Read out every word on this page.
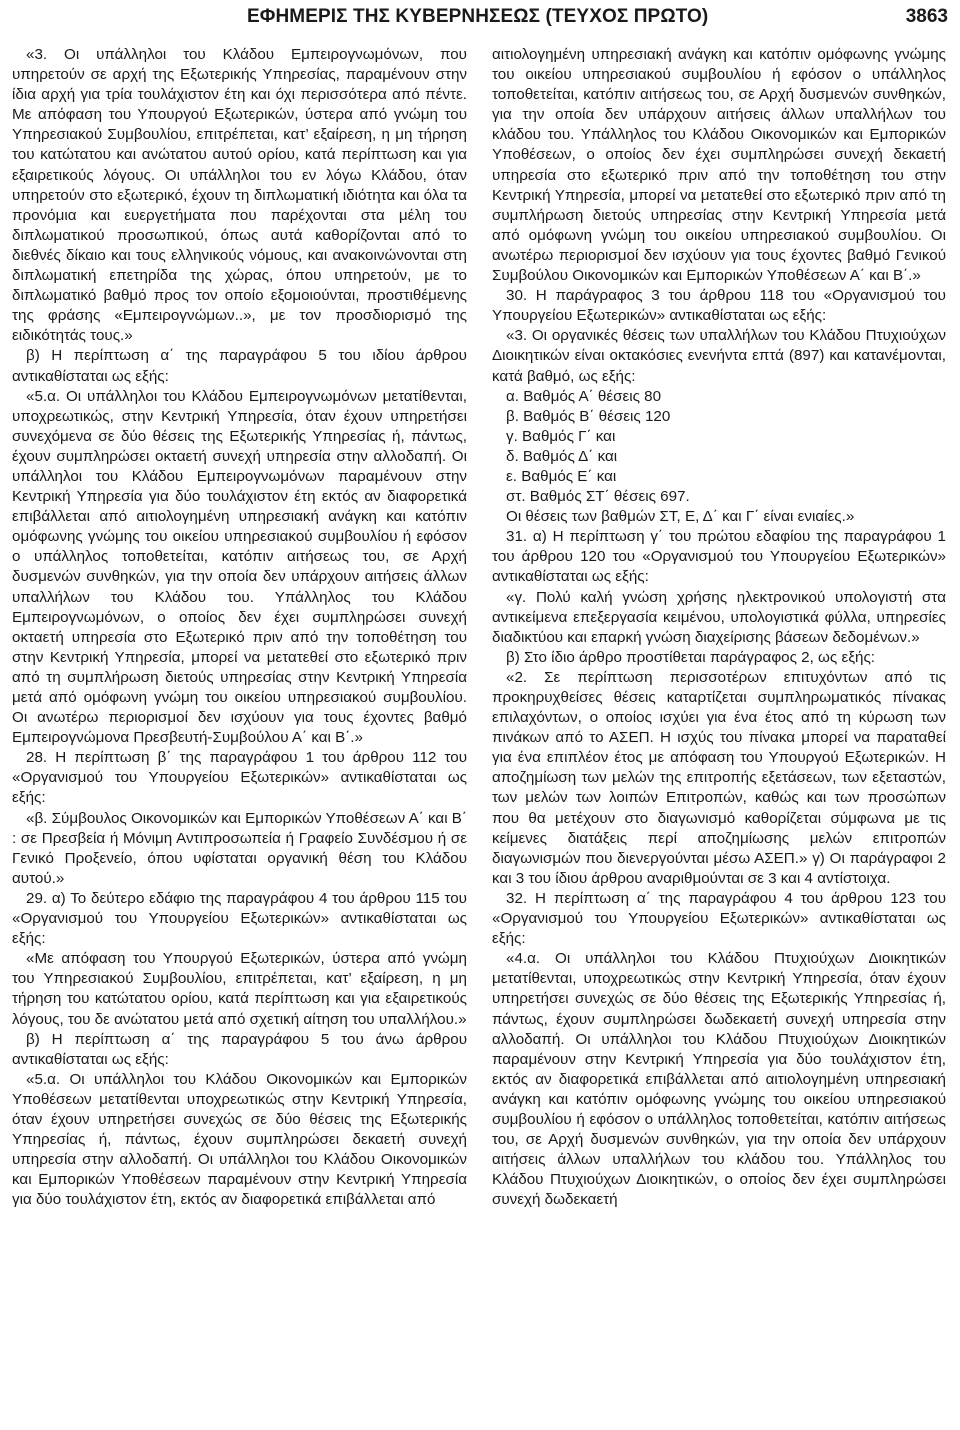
ΕΦΗΜΕΡΙΣ ΤΗΣ ΚΥΒΕΡΝΗΣΕΩΣ (ΤΕΥΧΟΣ ΠΡΩΤΟ)	3863

«3. Οι υπάλληλοι του Κλάδου Εμπειρογνωμόνων, που υπηρετούν σε αρχή της Εξωτερικής Υπηρεσίας, παραμένουν στην ίδια αρχή για τρία τουλάχιστον έτη και όχι περισσότερα από πέντε. Με απόφαση του Υπουργού Εξωτερικών, ύστερα από γνώμη του Υπηρεσιακού Συμβουλίου, επιτρέπεται, κατ’ εξαίρεση, η μη τήρηση του κατώτατου και ανώτατου αυτού ορίου, κατά περίπτωση και για εξαιρετικούς λόγους. Οι υπάλληλοι του εν λόγω Κλάδου, όταν υπηρετούν στο εξωτερικό, έχουν τη διπλωματική ιδιότητα και όλα τα προνόμια και ευεργετήματα που παρέχονται στα μέλη του διπλωματικού προσωπικού, όπως αυτά καθορίζονται από το διεθνές δίκαιο και τους ελληνικούς νόμους, και ανακοινώνονται στη διπλωματική επετηρίδα της χώρας, όπου υπηρετούν, με το διπλωματικό βαθμό προς τον οποίο εξομοιούνται, προστιθέμενης της φράσης «Εμπειρογνώμων..», με τον προσδιορισμό της ειδικότητάς τους.»

β) Η περίπτωση α΄ της παραγράφου 5 του ιδίου άρθρου αντικαθίσταται ως εξής:

«5.α. Οι υπάλληλοι του Κλάδου Εμπειρογνωμόνων μετατίθενται, υποχρεωτικώς, στην Κεντρική Υπηρεσία, όταν έχουν υπηρετήσει συνεχόμενα σε δύο θέσεις της Εξωτερικής Υπηρεσίας ή, πάντως, έχουν συμπληρώσει οκταετή συνεχή υπηρεσία στην αλλοδαπή. Οι υπάλληλοι του Κλάδου Εμπειρογνωμόνων παραμένουν στην Κεντρική Υπηρεσία για δύο τουλάχιστον έτη εκτός αν διαφορετικά επιβάλλεται από αιτιολογημένη υπηρεσιακή ανάγκη και κατόπιν ομόφωνης γνώμης του οικείου υπηρεσιακού συμβουλίου ή εφόσον ο υπάλληλος τοποθετείται, κατόπιν αιτήσεως του, σε Αρχή δυσμενών συνθηκών, για την οποία δεν υπάρχουν αιτήσεις άλλων υπαλλήλων του Κλάδου του. Υπάλληλος του Κλάδου Εμπειρογνωμόνων, ο οποίος δεν έχει συμπληρώσει συνεχή οκταετή υπηρεσία στο Εξωτερικό πριν από την τοποθέτηση του στην Κεντρική Υπηρεσία, μπορεί να μετατεθεί στο εξωτερικό πριν από τη συμπλήρωση διετούς υπηρεσίας στην Κεντρική Υπηρεσία μετά από ομόφωνη γνώμη του οικείου υπηρεσιακού συμβουλίου. Οι ανωτέρω περιορισμοί δεν ισχύουν για τους έχοντες βαθμό Εμπειρογνώμονα Πρεσβευτή-Συμβούλου Α΄ και Β΄.»

28. Η περίπτωση β΄ της παραγράφου 1 του άρθρου 112 του «Οργανισμού του Υπουργείου Εξωτερικών» αντικαθίσταται ως εξής:

«β. Σύμβουλος Οικονομικών και Εμπορικών Υποθέσεων Α΄ και Β΄ : σε Πρεσβεία ή Μόνιμη Αντιπροσωπεία ή Γραφείο Συνδέσμου ή σε Γενικό Προξενείο, όπου υφίσταται οργανική θέση του Κλάδου αυτού.»

29. α) Το δεύτερο εδάφιο της παραγράφου 4 του άρθρου 115 του «Οργανισμού του Υπουργείου Εξωτερικών» αντικαθίσταται ως εξής:

«Με απόφαση του Υπουργού Εξωτερικών, ύστερα από γνώμη του Υπηρεσιακού Συμβουλίου, επιτρέπεται, κατ’ εξαίρεση, η μη τήρηση του κατώτατου ορίου, κατά περίπτωση και για εξαιρετικούς λόγους, του δε ανώτατου μετά από σχετική αίτηση του υπαλλήλου.»

β) Η περίπτωση α΄ της παραγράφου 5 του άνω άρθρου αντικαθίσταται ως εξής:

«5.α. Οι υπάλληλοι του Κλάδου Οικονομικών και Εμπορικών Υποθέσεων μετατίθενται υποχρεωτικώς στην Κεντρική Υπηρεσία, όταν έχουν υπηρετήσει συνεχώς σε δύο θέσεις της Εξωτερικής Υπηρεσίας ή, πάντως, έχουν συμπληρώσει δεκαετή συνεχή υπηρεσία στην αλλοδαπή. Οι υπάλληλοι του Κλάδου Οικονομικών και Εμπορικών Υποθέσεων παραμένουν στην Κεντρική Υπηρεσία για δύο τουλάχιστον έτη, εκτός αν διαφορετικά επιβάλλεται από

αιτιολογημένη υπηρεσιακή ανάγκη και κατόπιν ομόφωνης γνώμης του οικείου υπηρεσιακού συμβουλίου ή εφόσον ο υπάλληλος τοποθετείται, κατόπιν αιτήσεως του, σε Αρχή δυσμενών συνθηκών, για την οποία δεν υπάρχουν αιτήσεις άλλων υπαλλήλων του κλάδου του. Υπάλληλος του Κλάδου Οικονομικών και Εμπορικών Υποθέσεων, ο οποίος δεν έχει συμπληρώσει συνεχή δεκαετή υπηρεσία στο εξωτερικό πριν από την τοποθέτηση του στην Κεντρική Υπηρεσία, μπορεί να μετατεθεί στο εξωτερικό πριν από τη συμπλήρωση διετούς υπηρεσίας στην Κεντρική Υπηρεσία μετά από ομόφωνη γνώμη του οικείου υπηρεσιακού συμβουλίου. Οι ανωτέρω περιορισμοί δεν ισχύουν για τους έχοντες βαθμό Γενικού Συμβούλου Οικονομικών και Εμπορικών Υποθέσεων Α΄ και Β΄.»

30. Η παράγραφος 3 του άρθρου 118 του «Οργανισμού του Υπουργείου Εξωτερικών» αντικαθίσταται ως εξής:

«3. Οι οργανικές θέσεις των υπαλλήλων του Κλάδου Πτυχιούχων Διοικητικών είναι οκτακόσιες ενενήντα επτά (897) και κατανέμονται, κατά βαθμό, ως εξής:

α. Βαθμός Α΄ θέσεις 80

β. Βαθμός Β΄ θέσεις 120

γ. Βαθμός Γ΄ και

δ. Βαθμός Δ΄ και

ε. Βαθμός Ε΄ και

στ. Βαθμός ΣΤ΄ θέσεις 697.

Οι θέσεις των βαθμών ΣΤ, Ε, Δ΄ και Γ΄ είναι ενιαίες.»

31. α) Η περίπτωση γ΄ του πρώτου εδαφίου της παραγράφου 1 του άρθρου 120 του «Οργανισμού του Υπουργείου Εξωτερικών» αντικαθίσταται ως εξής:

«γ. Πολύ καλή γνώση χρήσης ηλεκτρονικού υπολογιστή στα αντικείμενα επεξεργασία κειμένου, υπολογιστικά φύλλα, υπηρεσίες διαδικτύου και επαρκή γνώση διαχείρισης βάσεων δεδομένων.»

β) Στο ίδιο άρθρο προστίθεται παράγραφος 2, ως εξής:

«2. Σε περίπτωση περισσοτέρων επιτυχόντων από τις προκηρυχθείσες θέσεις καταρτίζεται συμπληρωματικός πίνακας επιλαχόντων, ο οποίος ισχύει για ένα έτος από τη κύρωση των πινάκων από το ΑΣΕΠ. Η ισχύς του πίνακα μπορεί να παραταθεί για ένα επιπλέον έτος με απόφαση του Υπουργού Εξωτερικών. Η αποζημίωση των μελών της επιτροπής εξετάσεων, των εξεταστών, των μελών των λοιπών Επιτροπών, καθώς και των προσώπων που θα μετέχουν στο διαγωνισμό καθορίζεται σύμφωνα με τις κείμενες διατάξεις περί αποζημίωσης μελών επιτροπών διαγωνισμών που διενεργούνται μέσω ΑΣΕΠ.» γ) Οι παράγραφοι 2 και 3 του ίδιου άρθρου αναριθμούνται σε 3 και 4 αντίστοιχα.

32. Η περίπτωση α΄ της παραγράφου 4 του άρθρου 123 του «Οργανισμού του Υπουργείου Εξωτερικών» αντικαθίσταται ως εξής:

«4.α. Οι υπάλληλοι του Κλάδου Πτυχιούχων Διοικητικών μετατίθενται, υποχρεωτικώς στην Κεντρική Υπηρεσία, όταν έχουν υπηρετήσει συνεχώς σε δύο θέσεις της Εξωτερικής Υπηρεσίας ή, πάντως, έχουν συμπληρώσει δωδεκαετή συνεχή υπηρεσία στην αλλοδαπή. Οι υπάλληλοι του Κλάδου Πτυχιούχων Διοικητικών παραμένουν στην Κεντρική Υπηρεσία για δύο τουλάχιστον έτη, εκτός αν διαφορετικά επιβάλλεται από αιτιολογημένη υπηρεσιακή ανάγκη και κατόπιν ομόφωνης γνώμης του οικείου υπηρεσιακού συμβουλίου ή εφόσον ο υπάλληλος τοποθετείται, κατόπιν αιτήσεως του, σε Αρχή δυσμενών συνθηκών, για την οποία δεν υπάρχουν αιτήσεις άλλων υπαλλήλων του κλάδου του. Υπάλληλος του Κλάδου Πτυχιούχων Διοικητικών, ο οποίος δεν έχει συμπληρώσει συνεχή δωδεκαετή
